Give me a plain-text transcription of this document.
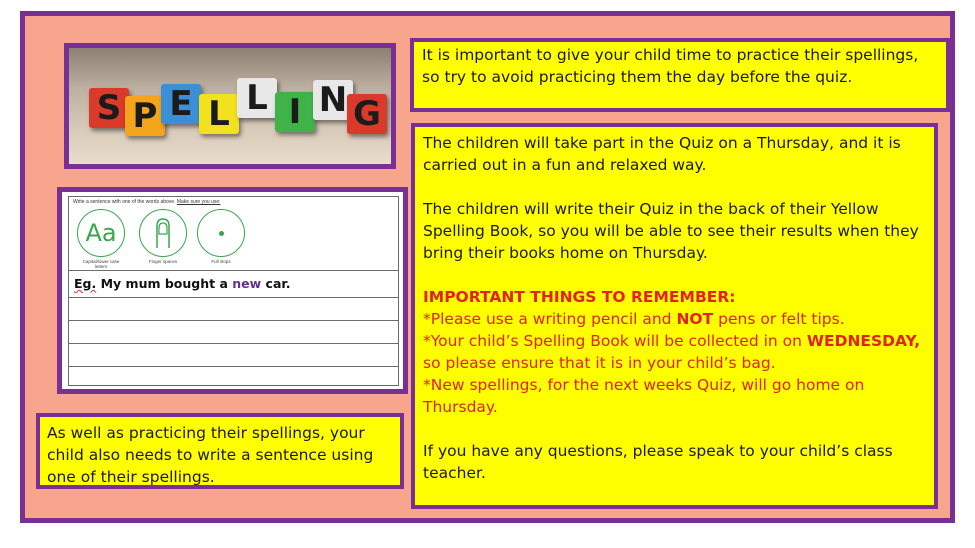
S P E L L I N G
It is important to give your child time to practice their spellings, so try to avoid practicing them the day before the quiz.
Write a sentence with one of the words above. Make sure you use:
Aa
Capital/lower case letters
Finger spaces	Full stops
Eg. My mum bought a new car.
As well as practicing their spellings, your child also needs to write a sentence using one of their spellings.
The children will take part in the Quiz on a Thursday, and it is carried out in a fun and relaxed way.
The children will write their Quiz in the back of their Yellow Spelling Book, so you will be able to see their results when they bring their books home on Thursday.
IMPORTANT THINGS TO REMEMBER:
*Please use a writing pencil and NOT pens or felt tips.
*Your child’s Spelling Book will be collected in on WEDNESDAY, so please ensure that it is in your child’s bag.
*New spellings, for the next weeks Quiz, will go home on Thursday.
If you have any questions, please speak to your child’s class teacher.
